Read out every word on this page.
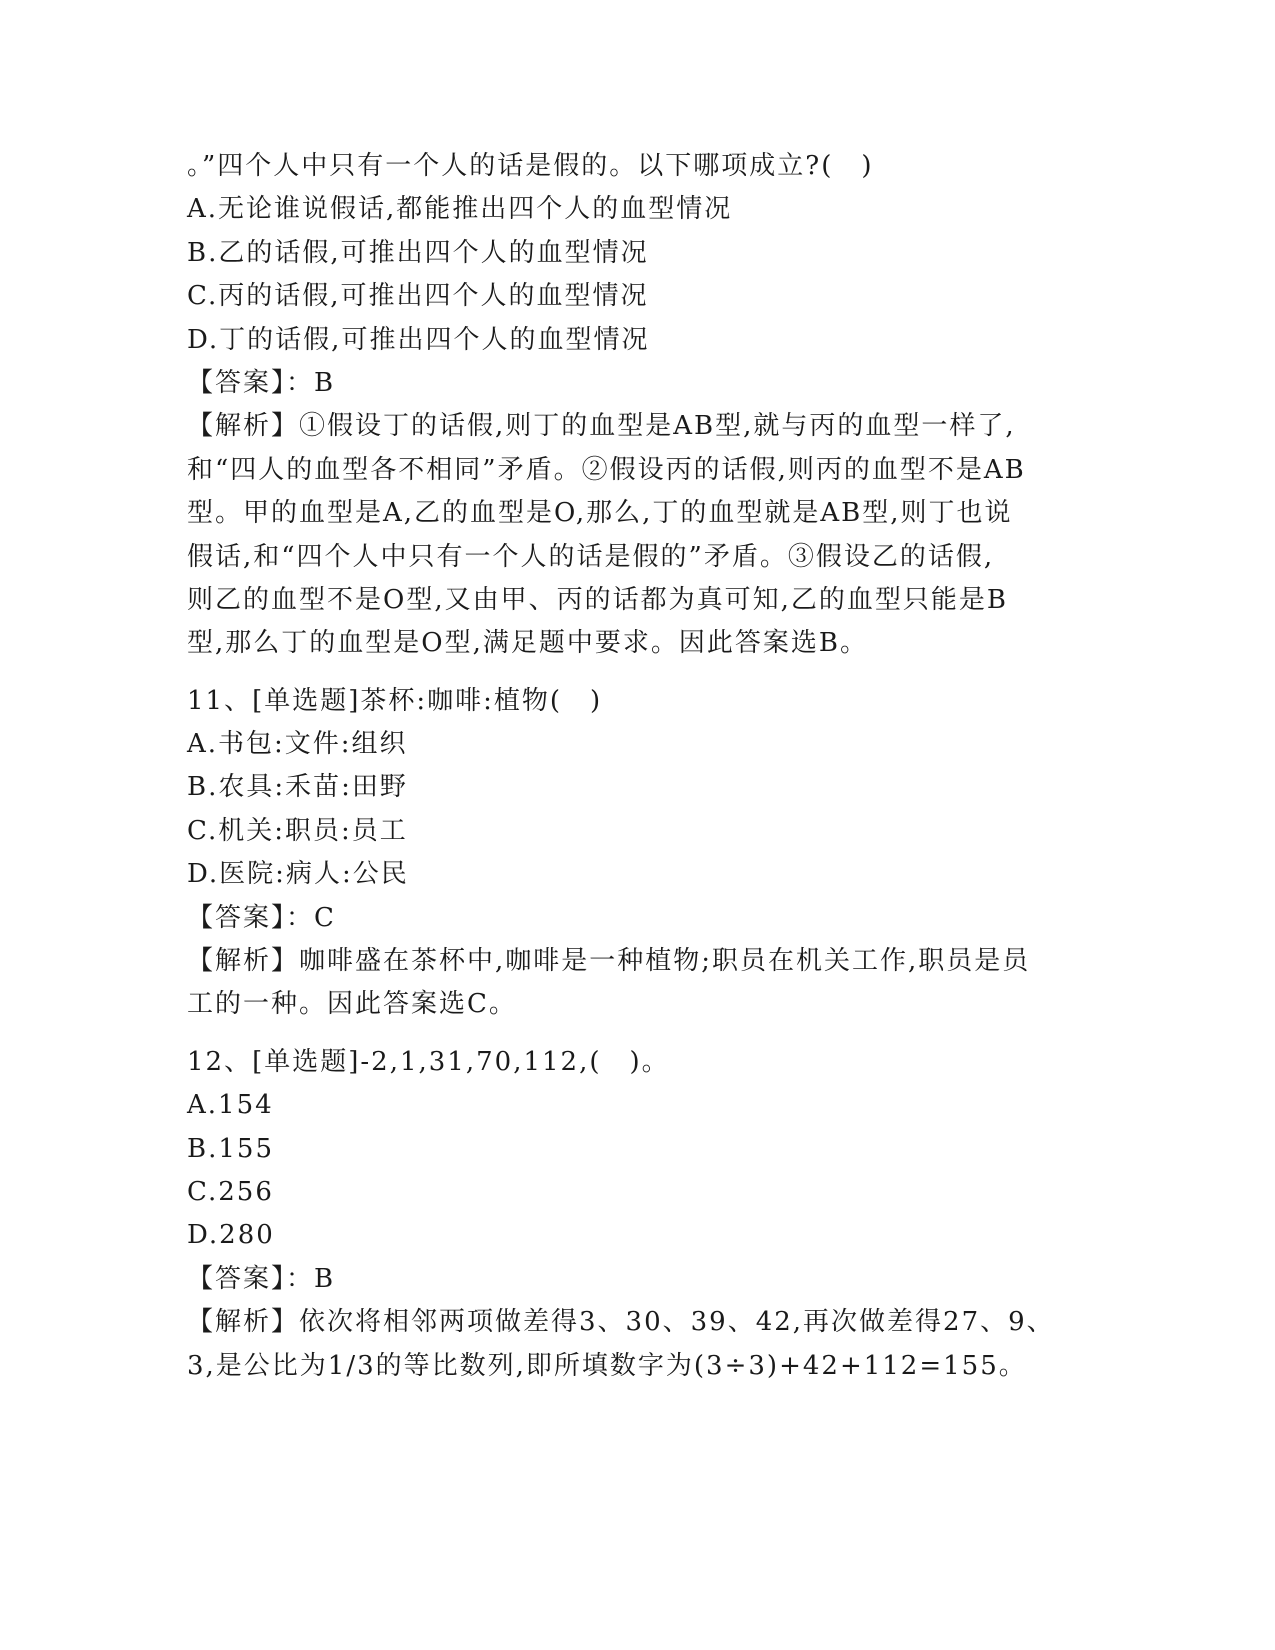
。”四个人中只有一个人的话是假的。以下哪项成立?(　)
A.无论谁说假话,都能推出四个人的血型情况
B.乙的话假,可推出四个人的血型情况
C.丙的话假,可推出四个人的血型情况
D.丁的话假,可推出四个人的血型情况
【答案】：B
【解析】①假设丁的话假,则丁的血型是AB型,就与丙的血型一样了,
和“四人的血型各不相同”矛盾。②假设丙的话假,则丙的血型不是AB
型。甲的血型是A,乙的血型是O,那么,丁的血型就是AB型,则丁也说
假话,和“四个人中只有一个人的话是假的”矛盾。③假设乙的话假,
则乙的血型不是O型,又由甲、丙的话都为真可知,乙的血型只能是B
型,那么丁的血型是O型,满足题中要求。因此答案选B。
11、[单选题]茶杯:咖啡:植物(　)
A.书包:文件:组织
B.农具:禾苗:田野
C.机关:职员:员工
D.医院:病人:公民
【答案】：C
【解析】咖啡盛在茶杯中,咖啡是一种植物;职员在机关工作,职员是员
工的一种。因此答案选C。
12、[单选题]-2,1,31,70,112,(　)。
A.154
B.155
C.256
D.280
【答案】：B
【解析】依次将相邻两项做差得3、30、39、42,再次做差得27、9、
3,是公比为1/3的等比数列,即所填数字为(3÷3)+42+112=155。
